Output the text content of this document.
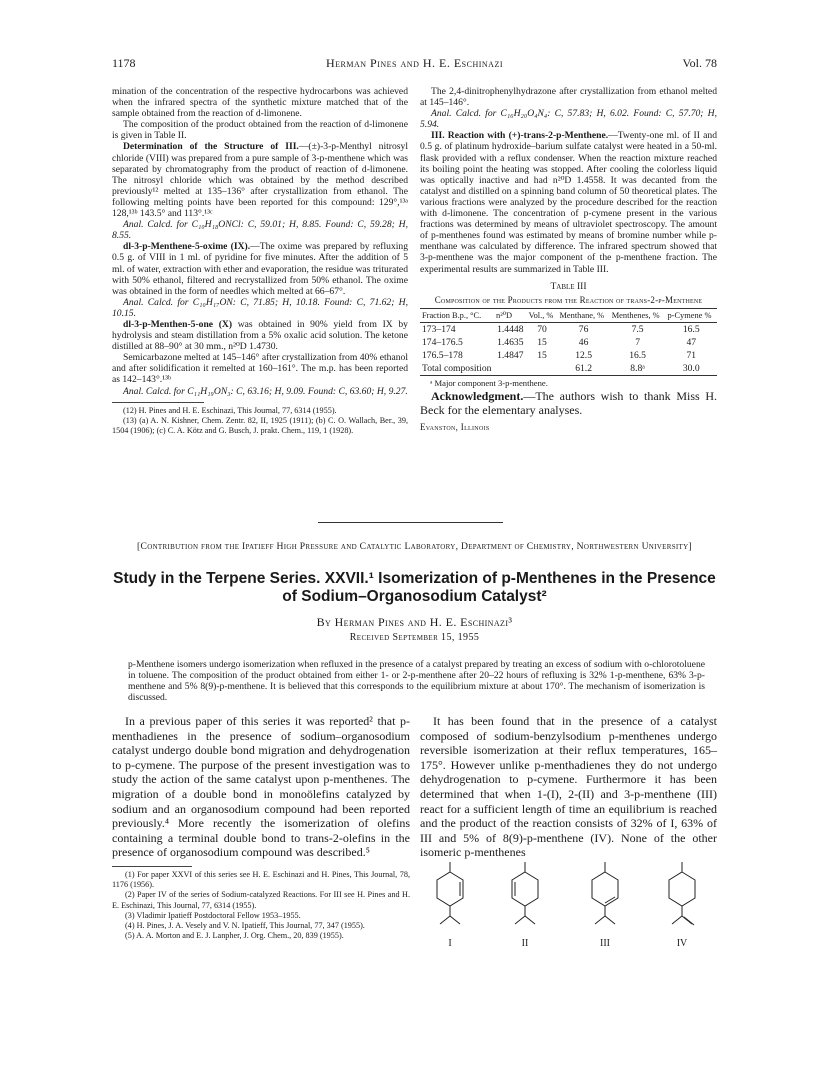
1178	Herman Pines and H. E. Eschinazi	Vol. 78

mination of the concentration of the respective hydrocarbons was achieved when the infrared spectra of the synthetic mixture matched that of the sample obtained from the reaction of d-limonene.

The composition of the product obtained from the reaction of d-limonene is given in Table II.

Determination of the Structure of III.—(±)-3-p-Menthyl nitrosyl chloride (VIII) was prepared from a pure sample of 3-p-menthene which was separated by chromatography from the product of reaction of d-limonene. The nitrosyl chloride which was obtained by the method described previously¹² melted at 135–136° after crystallization from ethanol. The following melting points have been reported for this compound: 129°,¹³ᵃ 128,¹³ᵇ 143.5° and 113°.¹³ᶜ

Anal. Calcd. for C₁₀H₁₈ONCl: C, 59.01; H, 8.85. Found: C, 59.28; H, 8.55.

dl-3-p-Menthene-5-oxime (IX).—The oxime was prepared by refluxing 0.5 g. of VIII in 1 ml. of pyridine for five minutes. After the addition of 5 ml. of water, extraction with ether and evaporation, the residue was triturated with 50% ethanol, filtered and recrystallized from 50% ethanol. The oxime was obtained in the form of needles which melted at 66–67°.

Anal. Calcd. for C₁₀H₁₇ON: C, 71.85; H, 10.18. Found: C, 71.62; H, 10.15.

dl-3-p-Menthen-5-one (X) was obtained in 90% yield from IX by hydrolysis and steam distillation from a 5% oxalic acid solution. The ketone distilled at 88–90° at 30 mm., n²⁰D 1.4730.

Semicarbazone melted at 145–146° after crystallization from 40% ethanol and after solidification it remelted at 160–161°. The m.p. has been reported as 142–143°.¹³ᵇ

Anal. Calcd. for C₁₁H₁₉ON₃: C, 63.16; H, 9.09. Found: C, 63.60; H, 9.27.

(12) H. Pines and H. E. Eschinazi, This Journal, 77, 6314 (1955).

(13) (a) A. N. Kishner, Chem. Zentr. 82, II, 1925 (1911); (b) C. O. Wallach, Ber., 39, 1504 (1906); (c) C. A. Kötz and G. Busch, J. prakt. Chem., 119, 1 (1928).

The 2,4-dinitrophenylhydrazone after crystallization from ethanol melted at 145–146°.

Anal. Calcd. for C₁₆H₂₀O₄N₄: C, 57.83; H, 6.02. Found: C, 57.70; H, 5.94.

III. Reaction with (+)-trans-2-p-Menthene.—Twenty-one ml. of II and 0.5 g. of platinum hydroxide–barium sulfate catalyst were heated in a 50-ml. flask provided with a reflux condenser. When the reaction mixture reached its boiling point the heating was stopped. After cooling the colorless liquid was optically inactive and had n²⁰D 1.4558. It was decanted from the catalyst and distilled on a spinning band column of 50 theoretical plates. The various fractions were analyzed by the procedure described for the reaction with d-limonene. The concentration of p-cymene present in the various fractions was determined by means of ultraviolet spectroscopy. The amount of p-menthenes found was estimated by means of bromine number while p-menthane was calculated by difference. The infrared spectrum showed that 3-p-menthene was the major component of the p-menthene fraction. The experimental results are summarized in Table III.

Table III
Composition of the Products from the Reaction of trans-2-p-Menthene
Fraction B.p., °C.	n²⁰D	Vol., %	Menthane, %	Menthenes, %	p-Cymene %
173–174	1.4448	70	76	7.5	16.5
174–176.5	1.4635	15	46	7	47
176.5–178	1.4847	15	12.5	16.5	71
Total composition			61.2	8.8ᵃ	30.0
ᵃ Major component 3-p-menthene.

Acknowledgment.—The authors wish to thank Miss H. Beck for the elementary analyses.

Evanston, Illinois
[Contribution from the Ipatieff High Pressure and Catalytic Laboratory, Department of Chemistry, Northwestern University]
Study in the Terpene Series. XXVII.¹ Isomerization of p-Menthenes in the Presence of Sodium–Organosodium Catalyst²
By Herman Pines and H. E. Eschinazi³
Received September 15, 1955
p-Menthene isomers undergo isomerization when refluxed in the presence of a catalyst prepared by treating an excess of sodium with o-chlorotoluene in toluene. The composition of the product obtained from either 1- or 2-p-menthene after 20–22 hours of refluxing is 32% 1-p-menthene, 63% 3-p-menthene and 5% 8(9)-p-menthene. It is believed that this corresponds to the equilibrium mixture at about 170°. The mechanism of isomerization is discussed.

In a previous paper of this series it was reported² that p-menthadienes in the presence of sodium–organosodium catalyst undergo double bond migration and dehydrogenation to p-cymene. The purpose of the present investigation was to study the action of the same catalyst upon p-menthenes. The migration of a double bond in monoölefins catalyzed by sodium and an organosodium compound had been reported previously.⁴ More recently the isomerization of olefins containing a terminal double bond to trans-2-olefins in the presence of organosodium compound was described.⁵

(1) For paper XXVI of this series see H. E. Eschinazi and H. Pines, This Journal, 78, 1176 (1956).

(2) Paper IV of the series of Sodium-catalyzed Reactions. For III see H. Pines and H. E. Eschinazi, This Journal, 77, 6314 (1955).

(3) Vladimir Ipatieff Postdoctoral Fellow 1953–1955.

(4) H. Pines, J. A. Vesely and V. N. Ipatieff, This Journal, 77, 347 (1955).

(5) A. A. Morton and E. J. Lanpher, J. Org. Chem., 20, 839 (1955).

It has been found that in the presence of a catalyst composed of sodium-benzylsodium p-menthenes undergo reversible isomerization at their reflux temperatures, 165–175°. However unlike p-menthadienes they do not undergo dehydrogenation to p-cymene. Furthermore it has been determined that when 1-(I), 2-(II) and 3-p-menthene (III) react for a sufficient length of time an equilibrium is reached and the product of the reaction consists of 32% of I, 63% of III and 5% of 8(9)-p-menthene (IV). None of the other isomeric p-menthenes

I	II	III	IV
